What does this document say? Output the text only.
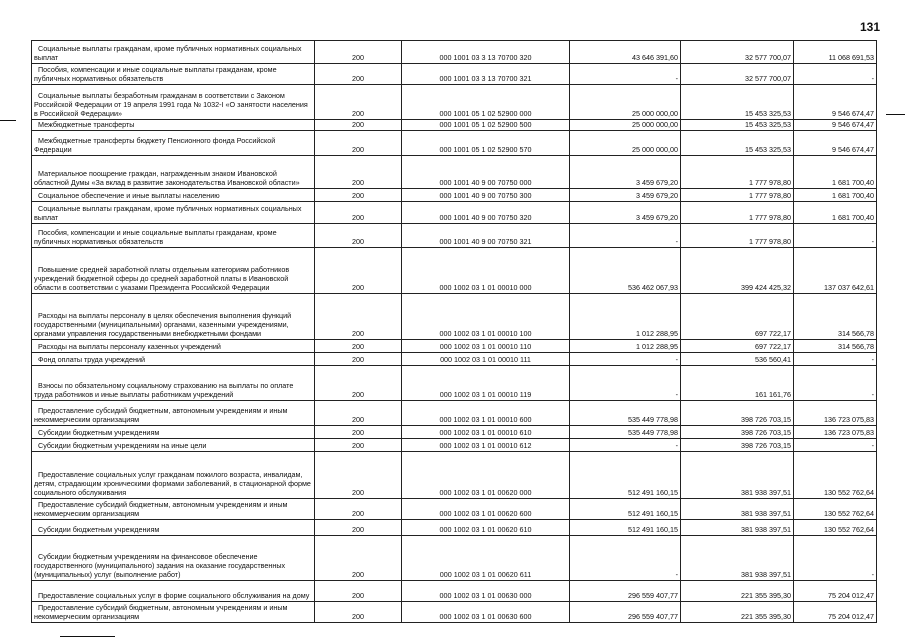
131
Социальные выплаты гражданам, кроме публичных нормативных социальных выплат	200	000 1001 03 3 13 70700 320	43 646 391,60	32 577 700,07	11 068 691,53
Пособия, компенсации и иные социальные выплаты гражданам, кроме публичных нормативных обязательств	200	000 1001 03 3 13 70700 321	-	32 577 700,07	-
Социальные выплаты безработным гражданам в соответствии с Законом Российской Федерации от 19 апреля 1991 года № 1032-I «О занятости населения в Российской Федерации»	200	000 1001 05 1 02 52900 000	25 000 000,00	15 453 325,53	9 546 674,47
Межбюджетные трансферты	200	000 1001 05 1 02 52900 500	25 000 000,00	15 453 325,53	9 546 674,47
Межбюджетные трансферты бюджету Пенсионного фонда Российской Федерации	200	000 1001 05 1 02 52900 570	25 000 000,00	15 453 325,53	9 546 674,47
Материальное поощрение граждан, награжденным знаком Ивановской областной Думы «За вклад в развитие законодательства Ивановской области»	200	000 1001 40 9 00 70750 000	3 459 679,20	1 777 978,80	1 681 700,40
Социальное обеспечение и иные выплаты населению	200	000 1001 40 9 00 70750 300	3 459 679,20	1 777 978,80	1 681 700,40
Социальные выплаты гражданам, кроме публичных нормативных социальных выплат	200	000 1001 40 9 00 70750 320	3 459 679,20	1 777 978,80	1 681 700,40
Пособия, компенсации и иные социальные выплаты гражданам, кроме публичных нормативных обязательств	200	000 1001 40 9 00 70750 321	-	1 777 978,80	-
Повышение средней заработной платы отдельным категориям работников учреждений бюджетной сферы до средней заработной платы в Ивановской области в соответствии с указами Президента Российской Федерации	200	000 1002 03 1 01 00010 000	536 462 067,93	399 424 425,32	137 037 642,61
Расходы на выплаты персоналу в целях обеспечения выполнения функций государственными (муниципальными) органами, казенными учреждениями, органами управления государственными внебюджетными фондами	200	000 1002 03 1 01 00010 100	1 012 288,95	697 722,17	314 566,78
Расходы на выплаты персоналу казенных учреждений	200	000 1002 03 1 01 00010 110	1 012 288,95	697 722,17	314 566,78
Фонд оплаты труда учреждений	200	000 1002 03 1 01 00010 111	-	536 560,41	-
Взносы по обязательному социальному страхованию на выплаты по оплате труда работников и иные выплаты работникам учреждений	200	000 1002 03 1 01 00010 119	-	161 161,76	-
Предоставление субсидий бюджетным, автономным учреждениям и иным некоммерческим организациям	200	000 1002 03 1 01 00010 600	535 449 778,98	398 726 703,15	136 723 075,83
Субсидии бюджетным учреждениям	200	000 1002 03 1 01 00010 610	535 449 778,98	398 726 703,15	136 723 075,83
Субсидии бюджетным учреждениям на иные цели	200	000 1002 03 1 01 00010 612	-	398 726 703,15	-
Предоставление социальных услуг гражданам пожилого возраста, инвалидам, детям, страдающим хроническими формами заболеваний, в стационарной форме социального обслуживания	200	000 1002 03 1 01 00620 000	512 491 160,15	381 938 397,51	130 552 762,64
Предоставление субсидий бюджетным, автономным учреждениям и иным некоммерческим организациям	200	000 1002 03 1 01 00620 600	512 491 160,15	381 938 397,51	130 552 762,64
Субсидии бюджетным учреждениям	200	000 1002 03 1 01 00620 610	512 491 160,15	381 938 397,51	130 552 762,64
Субсидии бюджетным учреждениям на финансовое обеспечение государственного (муниципального) задания на оказание государственных (муниципальных) услуг (выполнение работ)	200	000 1002 03 1 01 00620 611	-	381 938 397,51	-
Предоставление социальных услуг в форме социального обслуживания на дому	200	000 1002 03 1 01 00630 000	296 559 407,77	221 355 395,30	75 204 012,47
Предоставление субсидий бюджетным, автономным учреждениям и иным некоммерческим организациям	200	000 1002 03 1 01 00630 600	296 559 407,77	221 355 395,30	75 204 012,47
